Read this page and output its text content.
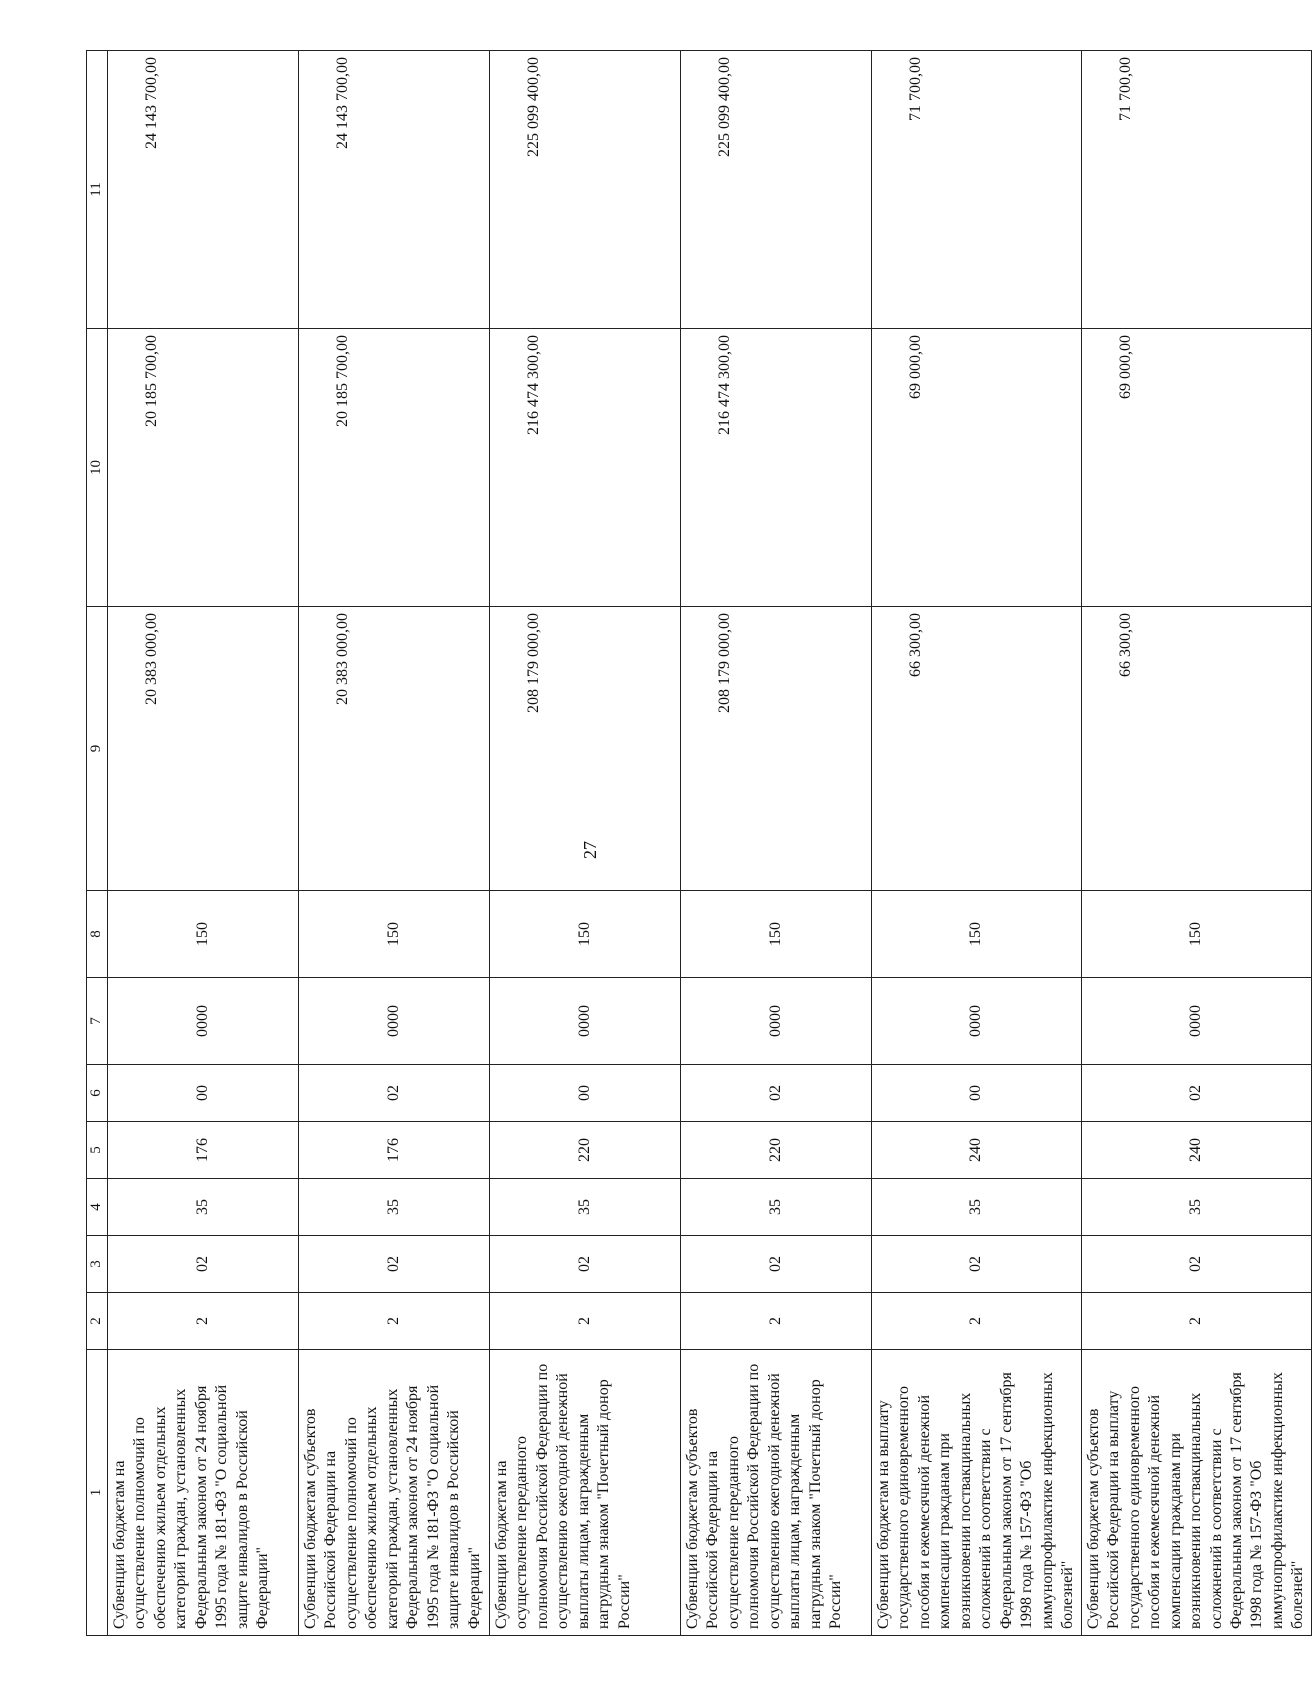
27
1	2	3	4	5	6	7	8	9	10	11
Субвенции бюджетам на осуществление полномочий по обеспечению жильем отдельных категорий граждан, установленных Федеральным законом от 24 ноября 1995 года № 181-ФЗ "О социальной защите инвалидов в Российской Федерации"	2	02	35	176	00	0000	150	20 383 000,00	20 185 700,00	24 143 700,00
Субвенции бюджетам субъектов Российской Федерации на осуществление полномочий по обеспечению жильем отдельных категорий граждан, установленных Федеральным законом от 24 ноября 1995 года № 181-ФЗ "О социальной защите инвалидов в Российской Федерации"	2	02	35	176	02	0000	150	20 383 000,00	20 185 700,00	24 143 700,00
Субвенции бюджетам на осуществление переданного полномочия Российской Федерации по осуществлению ежегодной денежной выплаты лицам, награжденным нагрудным знаком "Почетный донор России"	2	02	35	220	00	0000	150	208 179 000,00	216 474 300,00	225 099 400,00
Субвенции бюджетам субъектов Российской Федерации на осуществление переданного полномочия Российской Федерации по осуществлению ежегодной денежной выплаты лицам, награжденным нагрудным знаком "Почетный донор России"	2	02	35	220	02	0000	150	208 179 000,00	216 474 300,00	225 099 400,00
Субвенции бюджетам на выплату государственного единовременного пособия и ежемесячной денежной компенсации гражданам при возникновении поствакцинальных осложнений в соответствии с Федеральным законом от 17 сентября 1998 года № 157-ФЗ "Об иммунопрофилактике инфекционных болезней"	2	02	35	240	00	0000	150	66 300,00	69 000,00	71 700,00
Субвенции бюджетам субъектов Российской Федерации на выплату государственного единовременного пособия и ежемесячной денежной компенсации гражданам при возникновении поствакцинальных осложнений в соответствии с Федеральным законом от 17 сентября 1998 года № 157-ФЗ "Об иммунопрофилактике инфекционных болезней"	2	02	35	240	02	0000	150	66 300,00	69 000,00	71 700,00
